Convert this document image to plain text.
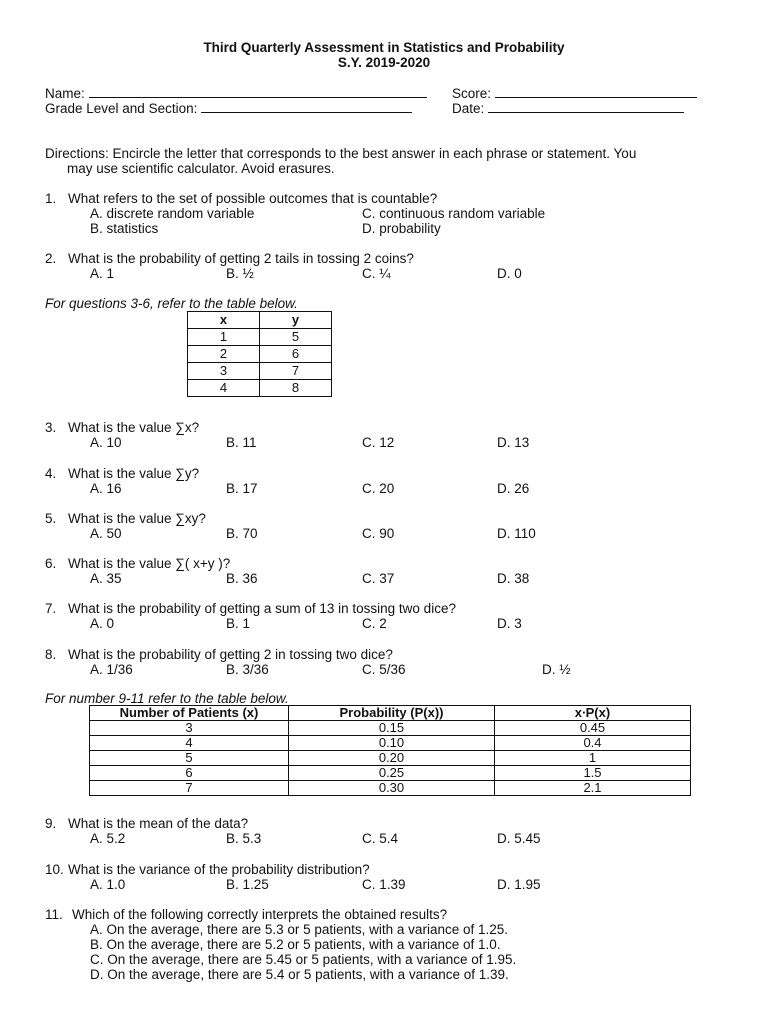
Third Quarterly Assessment in Statistics and Probability
S.Y. 2019-2020
Name:	Score:
Grade Level and Section:	Date:
Directions: Encircle the letter that corresponds to the best answer in each phrase or statement. You
may use scientific calculator. Avoid erasures.
1. What refers to the set of possible outcomes that is countable?
A. discrete random variable	C. continuous random variable
B. statistics	D. probability
2. What is the probability of getting 2 tails in tossing 2 coins?
A. 1	B. ½	C. ¼	D. 0
For questions 3-6, refer to the table below.
x	y
1	5
2	6
3	7
4	8
3. What is the value ∑x?
A. 10	B. 11	C. 12	D. 13
4. What is the value ∑y?
A. 16	B. 17	C. 20	D. 26
5. What is the value ∑xy?
A. 50	B. 70	C. 90	D. 110
6. What is the value ∑( x+y )?
A. 35	B. 36	C. 37	D. 38
7. What is the probability of getting a sum of 13 in tossing two dice?
A. 0	B. 1	C. 2	D. 3
8. What is the probability of getting 2 in tossing two dice?
A. 1/36	B. 3/36	C. 5/36	D. ½
For number 9-11 refer to the table below.
Number of Patients (x)	Probability (P(x))	x∙P(x)
3	0.15	0.45
4	0.10	0.4
5	0.20	1
6	0.25	1.5
7	0.30	2.1
9. What is the mean of the data?
A. 5.2	B. 5.3	C. 5.4	D. 5.45
10. What is the variance of the probability distribution?
A. 1.0	B. 1.25	C. 1.39	D. 1.95
11. Which of the following correctly interprets the obtained results?
A. On the average, there are 5.3 or 5 patients, with a variance of 1.25.
B. On the average, there are 5.2 or 5 patients, with a variance of 1.0.
C. On the average, there are 5.45 or 5 patients, with a variance of 1.95.
D. On the average, there are 5.4 or 5 patients, with a variance of 1.39.
